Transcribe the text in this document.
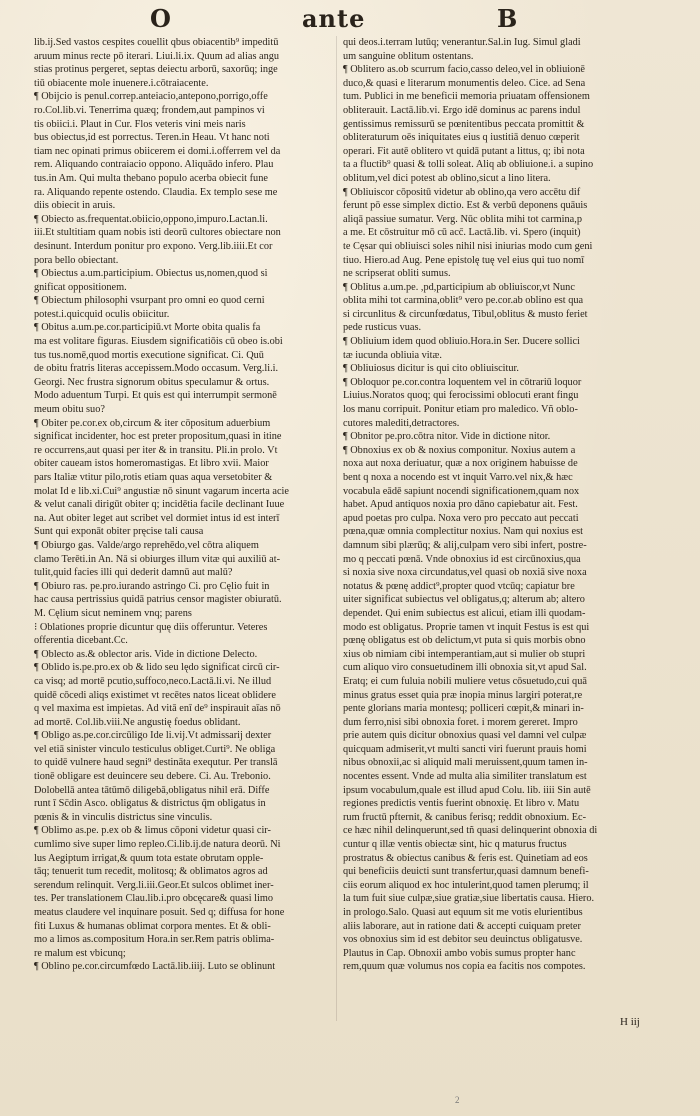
O	ante	B
lib.ij.Sed vastos cespites couellit qbus obiacentib⁹ impeditū
aruum minus recte pō iterari. Liui.li.ix. Quum ad alias angu
stias protinus pergeret, septas deiectu arborū, saxorūq; inge
tiū obiacente mole inuenere.i.cōtraiacente.
¶ Obijcio is penul.correp.anteiacio,antepono,porrigo,offe
ro.Col.lib.vi. Tenerrima quæq; frondem,aut pampinos vi
tis obiici.i. Plaut in Cur. Flos veteris vini meis naris
bus obiectus,id est porrectus. Teren.in Heau. Vt hanc noti
tiam nec opinati primus obiicerem ei domi.i.offerrem vel da
rem. Aliquando contraiacio oppono. Aliquādo infero. Plau
tus.in Am. Qui multa thebano populo acerba obiecit fune
ra. Aliquando repente ostendo. Claudia. Ex templo sese me
diis obiecit in aruis.
¶ Obiecto as.frequentat.obiicio,oppono,impuro.Lactan.li.
iii.Et stultitiam quam nobis isti deorū cultores obiectare non
desinunt. Interdum ponitur pro expono. Verg.lib.iiii.Et cor
pora bello obiectant.
¶ Obiectus a.um.participium. Obiectus us,nomen,quod si
gnificat oppositionem.
¶ Obiectum philosophi vsurpant pro omni eo quod cerni
potest.i.quicquid oculis obiicitur.
¶ Obitus a.um.pe.cor.participiū.vt Morte obita qualis fa
ma est volitare figuras. Eiusdem significatiōis cū obeo is.obi
tus tus.nomē,quod mortis executione significat. Ci. Quū
de obitu fratris literas accepissem.Modo occasum. Verg.li.i.
Georgi. Nec frustra signorum obitus speculamur & ortus.
Modo aduentum Turpi. Et quis est qui interrumpit sermonē
meum obitu suo?
¶ Obiter pe.cor.ex ob,circum & iter cōpositum aduerbium
significat incidenter, hoc est preter propositum,quasi in itine
re occurrens,aut quasi per iter & in transitu. Pli.in prolo. Vt
obiter caueam istos homeromastigas. Et libro xvii. Maior
pars Italiæ vtitur pilo,rotis etiam quas aqua versetobiter &
molat Id e lib.xi.Cui⁹ angustiæ nō sinunt vagarum incerta acie
& velut canali dirigūt obiter q; incidētia facile declinant Iuue
na. Aut obiter leget aut scribet vel dormiet intus id est interī
Sunt qui exponāt obiter pręcise tali causa
¶ Obiurgo gas. Valde/argo reprehēdo,vel cōtra aliquem
clamo Terēti.in An. Nā si obiurges illum vitæ qui auxiliū at-
tulit,quid facies illi qui dederit damnū aut malū?
¶ Obiuro ras. pe.pro.iurando astringo Ci. pro Cęlio fuit in
hac causa pertrissius quidā patrius censor magister obiuratū.
M. Cęlium sicut neminem vnq; parens
⁝ Oblationes proprie dicuntur quę diis offeruntur. Veteres
offerentia dicebant.Cc.
¶ Oblecto as.& oblector aris. Vide in dictione Delecto.
¶ Oblido is.pe.pro.ex ob & lido seu lędo significat circū cir-
ca visq; ad mortē pcutio,suffoco,neco.Lactā.li.vi. Ne illud
quidē cōcedi aliqs existimet vt recētes natos liceat oblidere
q vel maxima est impietas. Ad vitā enī de⁹ inspirauit aīas nō
ad mortē. Col.lib.viii.Ne angustię foedus oblidant.
¶ Obligo as.pe.cor.circūligo Ide li.vij.Vt admissarij dexter
vel etiā sinister vinculo testiculus obliget.Curti⁹. Ne obliga
to quidē vulnere haud segni⁹ destināta exequtur. Per translā
tionē obligare est deuincere seu debere. Ci. Au. Trebonio.
Dolobellā antea tātūmō diligebā,obligatus nihil erā. Diffe
runt ī Sc̄din Asco. obligatus & districtus q̄m obligatus in
pœnis & in vinculis districtus sine vinculis.
¶ Oblimo as.pe. p.ex ob & limus cōponi videtur quasi cir-
cumlimo sive super limo repleo.Ci.lib.ij.de natura deorū. Ni
lus Aegiptum irrigat,& quum tota estate obrutam opple-
tāq; tenuerit tum recedit, molitosq; & oblimatos agros ad
serendum relinquit. Verg.li.iii.Geor.Et sulcos oblimet iner-
tes. Per translationem Clau.lib.i.pro obcęcare& quasi limo
meatus claudere vel inquinare posuit. Sed q; diffusa for hone
fiti Luxus & humanas oblimat corpora mentes. Et & obli-
mo a limos as.compositum Hora.in ser.Rem patris oblima-
re malum est vbicunq;
¶ Oblino pe.cor.circumfœdo Lactā.lib.iiij. Luto se oblinunt
qui deos.i.terram lutūq; venerantur.Sal.in Iug. Simul gladi
um sanguine oblitum ostentans.
¶ Oblitero as.ob scurrum facio,casso deleo,vel in obliuionē
duco,& quasi e literarum monumentis deleo. Cice. ad Sena
tum. Publici in me beneficii memoria priuatam offensionem
obliterauit. Lactā.lib.vi. Ergo idē dominus ac parens indul
gentissimus remissurū se pœnitentibus peccata promittit &
obliteraturum oēs iniquitates eius q iustitiā denuo cœperit
operari. Fit autē oblitero vt quidā putant a littus, q; ibi nota
ta a fluctib⁹ quasi & tolli soleat. Aliq ab obliuione.i. a supino
oblitum,vel dici potest ab oblino,sicut a lino litera.
¶ Obliuiscor cōpositū videtur ab oblino,qa vero accētu dif
ferunt pō esse simplex dictio. Est & verbū deponens quāuis
aliqā passiue sumatur. Verg. Nūc oblita mihi tot carmina,p
a me. Et cōstruitur mō cū acc̄. Lactā.lib. vi. Spero (inquit)
te Cęsar qui obliuisci soles nihil nisi iniurias modo cum geni
tiuo. Hiero.ad Aug. Pene epistolę tuę vel eius qui tuo nomī
ne scripserat obliti sumus.
¶ Oblitus a.um.pe. ,pd,participium ab obliuiscor,vt Nunc
oblita mihi tot carmina,oblit⁹ vero pe.cor.ab oblino est qua
si circunlitus & circunfœdatus, Tibul,oblitus & musto feriet
pede rusticus vuas.
¶ Obliuium idem quod obliuio.Hora.in Ser. Ducere sollici
tæ iucunda obliuia vitæ.
¶ Obliuiosus dicitur is qui cito obliuiscitur.
¶ Obloquor pe.cor.contra loquentem vel in cōtrariū loquor
Liuius.Noratos quoq; qui ferocissimi oblocuti erant fingu
los manu corripuit. Ponitur etiam pro maledico. Vñ oblo-
cutores malediti,detractores.
¶ Obnitor pe.pro.cōtra nitor. Vide in dictione nitor.
¶ Obnoxius ex ob & noxius componitur. Noxius autem a
noxa aut noxa deriuatur, quæ a nox originem habuisse de
bent q noxa a nocendo est vt inquit Varro.vel nix,& hæc
vocabula eādē sapiunt nocendi significationem,quam nox
habet. Apud antiquos noxia pro dāno capiebatur ait. Fest.
apud poetas pro culpa. Noxa vero pro peccato aut peccati
pœna,quæ omnia complectitur noxius. Nam qui noxius est
damnum sibi plærūq; & alij,culpam vero sibi infert, postre-
mo q peccati pœnā. Vnde obnoxius id est circūnoxius,qua
si noxia sive noxa circundatus,vel quasi ob noxiā sive noxa
notatus & pœnę addict⁹,propter quod vtcūq; capiatur bre
uiter significat subiectus vel obligatus,q; alterum ab; altero
dependet. Qui enim subiectus est alicui, etiam illi quodam-
modo est obligatus. Proprie tamen vt inquit Festus is est qui
pœnę obligatus est ob delictum,vt puta si quis morbis obno
xius ob nimiam cibi intemperantiam,aut si mulier ob stupri
cum aliquo viro consuetudinem illi obnoxia sit,vt apud Sal.
Eratq; ei cum fuluia nobili muliere vetus cōsuetudo,cui quā
minus gratus esset quia præ inopia minus largiri poterat,re
pente glorians maria montesq; polliceri cœpit,& minari in-
dum ferro,nisi sibi obnoxia foret. i morem gereret. Impro
prie autem quis dicitur obnoxius quasi vel damni vel culpæ
quicquam admiserit,vt multi sancti viri fuerunt prauis homi
nibus obnoxii,ac si aliquid mali meruissent,quum tamen in-
nocentes essent. Vnde ad multa alia similiter translatum est
ipsum vocabulum,quale est illud apud Colu. lib. iiii Sin autē
regiones predictis ventis fuerint obnoxię. Et libro v. Matu
rum fructū pfternit, & canibus ferisq; reddit obnoxium. Ec-
ce hæc nihil delinquerunt,sed tñ quasi delinquerint obnoxia di
cuntur q illæ ventis obiectæ sint, hic q maturus fructus
prostratus & obiectus canibus & feris est. Quinetiam ad eos
qui beneficiis deuicti sunt transfertur,quasi damnum benefi-
ciis eorum aliquod ex hoc intulerint,quod tamen plerumq; il
la tum fuit siue culpæ,siue gratiæ,siue libertatis causa. Hiero.
in prologo.Salo. Quasi aut equum sit me votis elurientibus
aliis laborare, aut in ratione dati & accepti cuiquam preter
vos obnoxius sim id est debitor seu deuinctus obligatusve.
Plautus in Cap. Obnoxii ambo vobis sumus propter hanc
rem,quum quæ volumus nos copia ea facitis nos compotes.
H iij
2
